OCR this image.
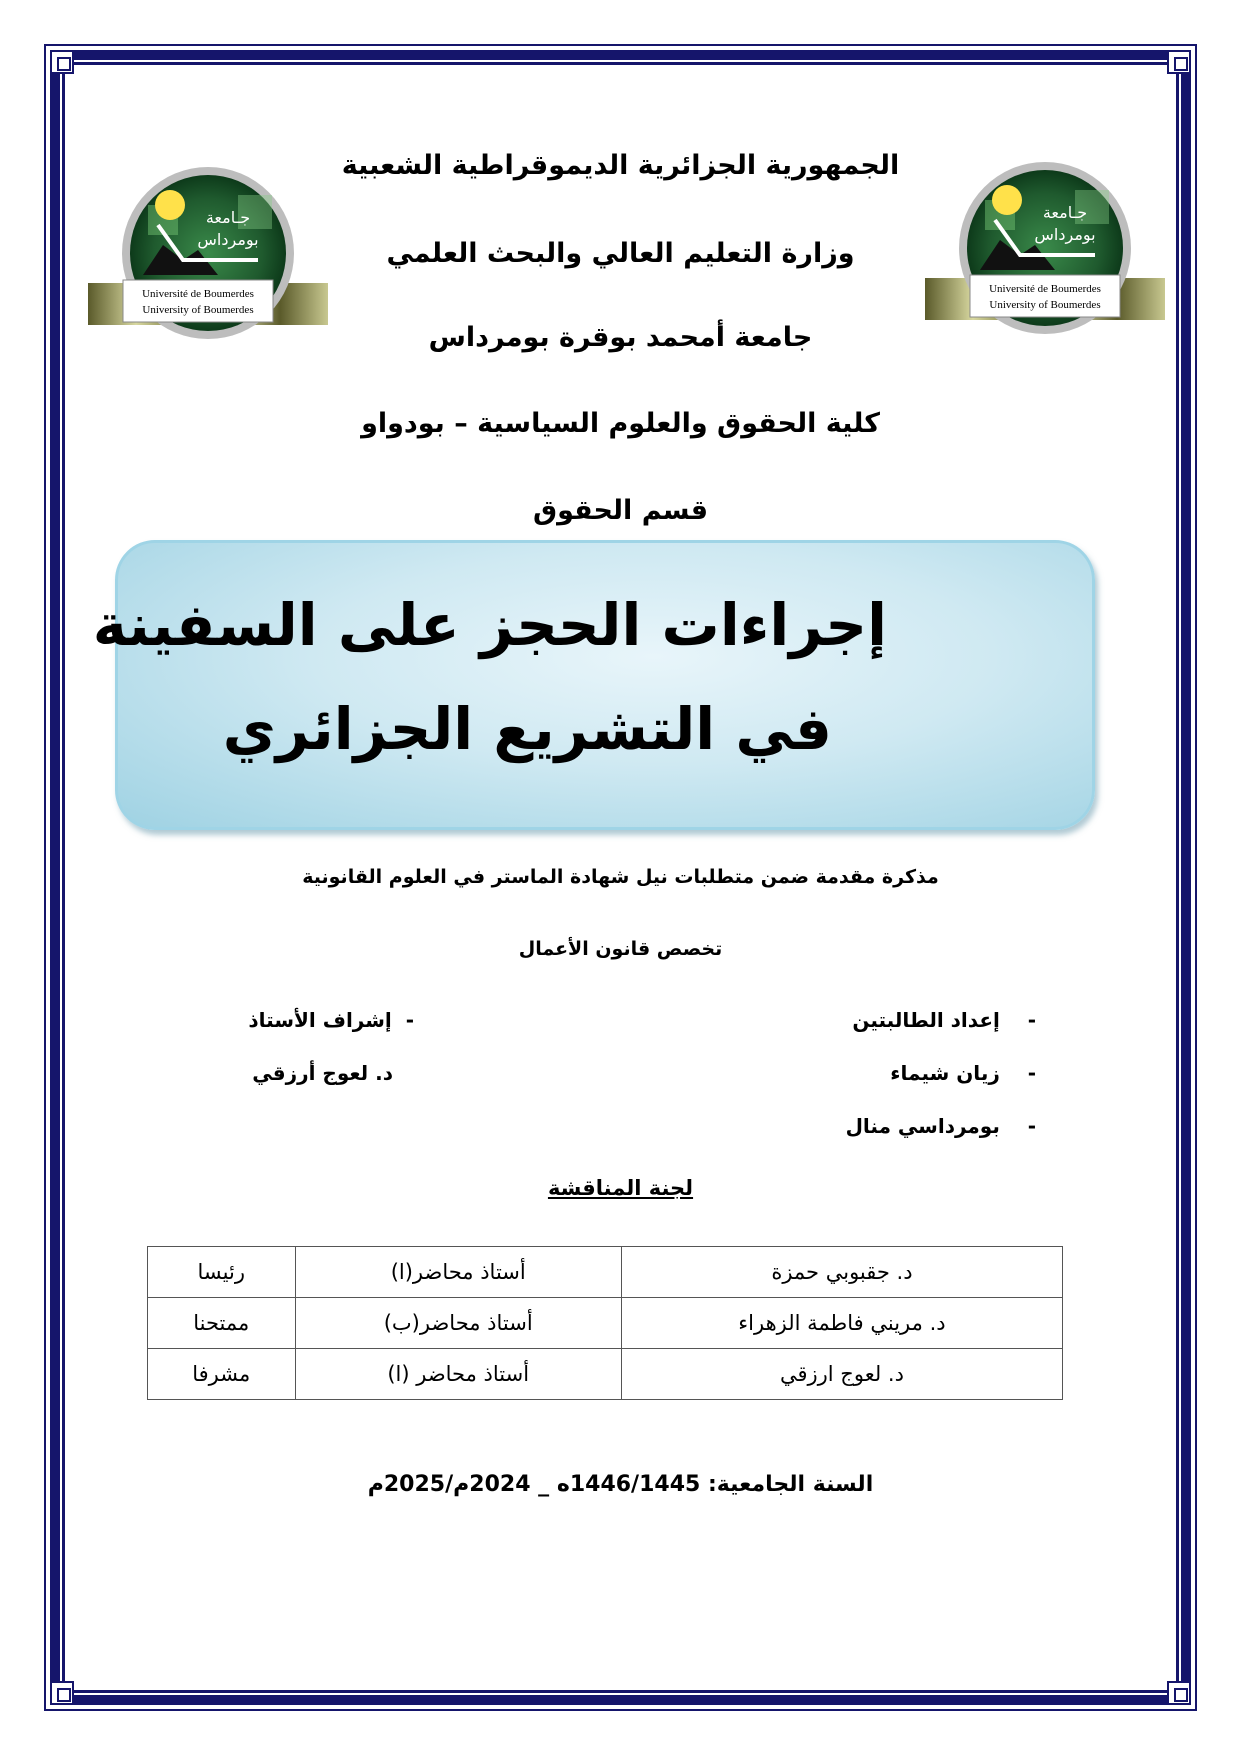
Université de Boumerdes
University of Boumerdes
جـامعة
بومرداس
Université de Boumerdes
University of Boumerdes
جـامعة
بومرداس
الجمهورية الجزائرية الديموقراطية الشعبية
وزارة التعليم العالي والبحث العلمي
جامعة أمحمد بوقرة بومرداس
كلية الحقوق والعلوم السياسية – بودواو
قسم الحقوق
إجراءات الحجز على السفينة
في التشريع الجزائري
مذكرة مقدمة ضمن متطلبات نيل شهادة الماستر في العلوم القانونية
تخصص قانون الأعمال
-    إعداد الطالبتين
-    زيان شيماء
-    بومرداسي منال
-  إشراف الأستاذ
د. لعوج أرزقي
لجنة المناقشة
د. جقبوبي حمزة	أستاذ محاضر(ا)	رئيسا
د. مريني فاطمة الزهراء	أستاذ محاضر(ب)	ممتحنا
د. لعوج ارزقي	أستاذ محاضر (ا)	مشرفا
السنة الجامعية: 1446/1445ه _ 2024م/2025م
